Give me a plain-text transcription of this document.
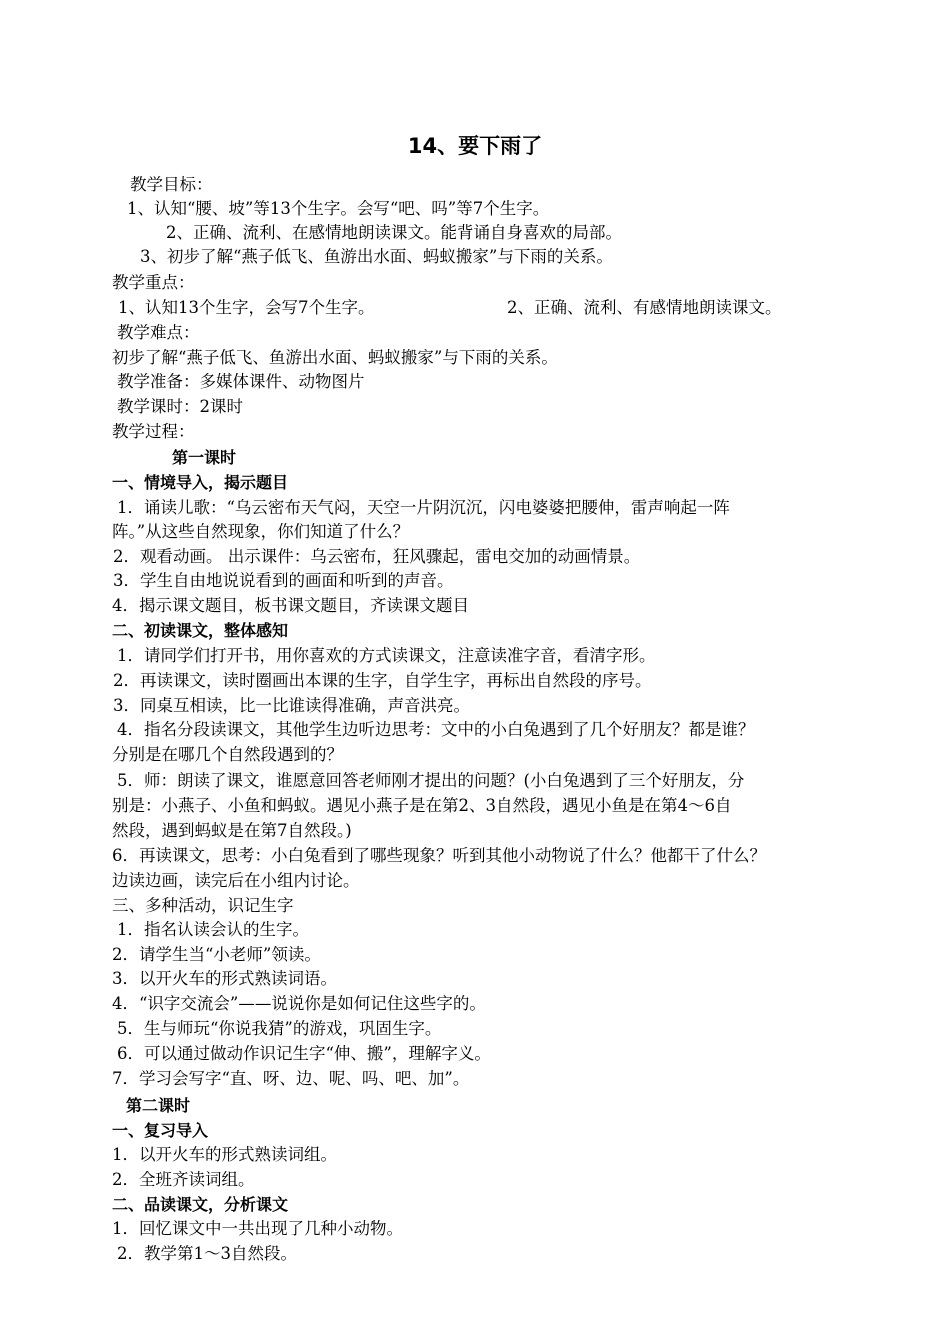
14、要下雨了
教学目标：
1、认知“腰、坡”等13个生字。会写“吧、吗”等7个生字。
2、正确、流利、在感情地朗读课文。能背诵自身喜欢的局部。
3、初步了解“燕子低飞、鱼游出水面、蚂蚁搬家”与下雨的关系。
教学重点：
1、认知13个生字，会写7个生字。	2、正确、流利、有感情地朗读课文。
教学难点：
初步了解“燕子低飞、鱼游出水面、蚂蚁搬家”与下雨的关系。
教学准备：多媒体课件、动物图片
教学课时：2课时
教学过程：
第一课时
一、情境导入，揭示题目
1．诵读儿歌：“乌云密布天气闷，天空一片阴沉沉，闪电婆婆把腰伸，雷声响起一阵
阵。”从这些自然现象，你们知道了什么？
2．观看动画。 出示课件：乌云密布，狂风骤起，雷电交加的动画情景。
3．学生自由地说说看到的画面和听到的声音。
4．揭示课文题目，板书课文题目，齐读课文题目
二、初读课文，整体感知
1．请同学们打开书，用你喜欢的方式读课文，注意读准字音，看清字形。
2．再读课文，读时圈画出本课的生字，自学生字，再标出自然段的序号。
3．同桌互相读，比一比谁读得准确，声音洪亮。
4．指名分段读课文，其他学生边听边思考：文中的小白兔遇到了几个好朋友？都是谁？
分别是在哪几个自然段遇到的？
5．师：朗读了课文，谁愿意回答老师刚才提出的问题？(小白兔遇到了三个好朋友，分
别是：小燕子、小鱼和蚂蚁。遇见小燕子是在第2、3自然段，遇见小鱼是在第4～6自
然段，遇到蚂蚁是在第7自然段。)
6．再读课文，思考：小白兔看到了哪些现象？听到其他小动物说了什么？他都干了什么？
边读边画，读完后在小组内讨论。
三、多种活动，识记生字
1．指名认读会认的生字。
2．请学生当“小老师”领读。
3．以开火车的形式熟读词语。
4．“识字交流会”——说说你是如何记住这些字的。
5．生与师玩“你说我猜”的游戏，巩固生字。
6．可以通过做动作识记生字“伸、搬”，理解字义。
7．学习会写字“直、呀、边、呢、吗、吧、加”。
第二课时
一、复习导入
1．以开火车的形式熟读词组。
2．全班齐读词组。
二、品读课文，分析课文
1．回忆课文中一共出现了几种小动物。
2．教学第1～3自然段。
